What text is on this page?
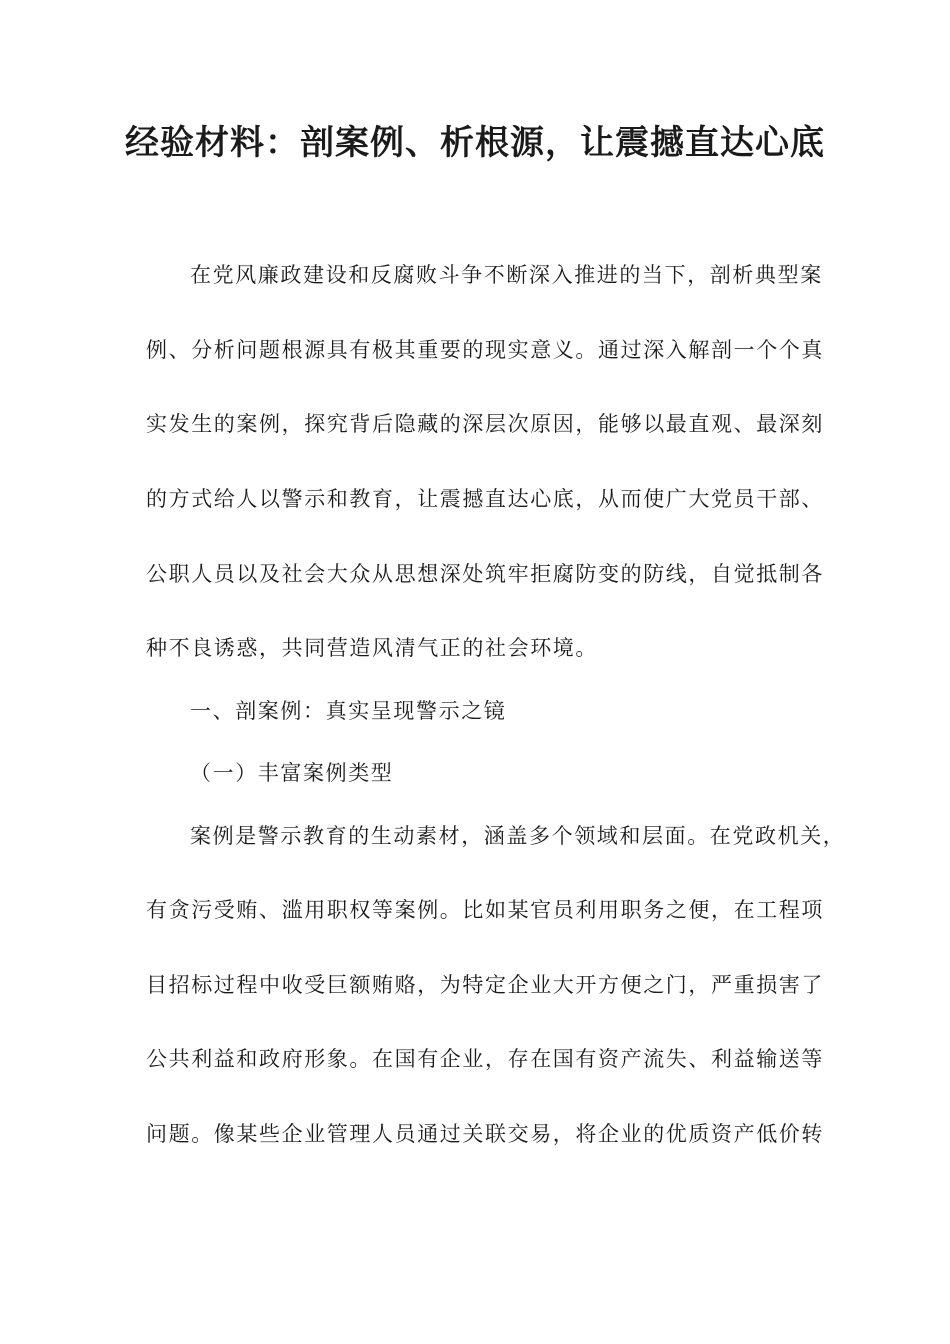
经验材料：剖案例、析根源，让震撼直达心底

在党风廉政建设和反腐败斗争不断深入推进的当下，剖析典型案

例、分析问题根源具有极其重要的现实意义。通过深入解剖一个个真

实发生的案例，探究背后隐藏的深层次原因，能够以最直观、最深刻

的方式给人以警示和教育，让震撼直达心底，从而使广大党员干部、

公职人员以及社会大众从思想深处筑牢拒腐防变的防线，自觉抵制各

种不良诱惑，共同营造风清气正的社会环境。

一、剖案例：真实呈现警示之镜

（一）丰富案例类型

案例是警示教育的生动素材，涵盖多个领域和层面。在党政机关，

有贪污受贿、滥用职权等案例。比如某官员利用职务之便，在工程项

目招标过程中收受巨额贿赂，为特定企业大开方便之门，严重损害了

公共利益和政府形象。在国有企业，存在国有资产流失、利益输送等

问题。像某些企业管理人员通过关联交易，将企业的优质资产低价转
